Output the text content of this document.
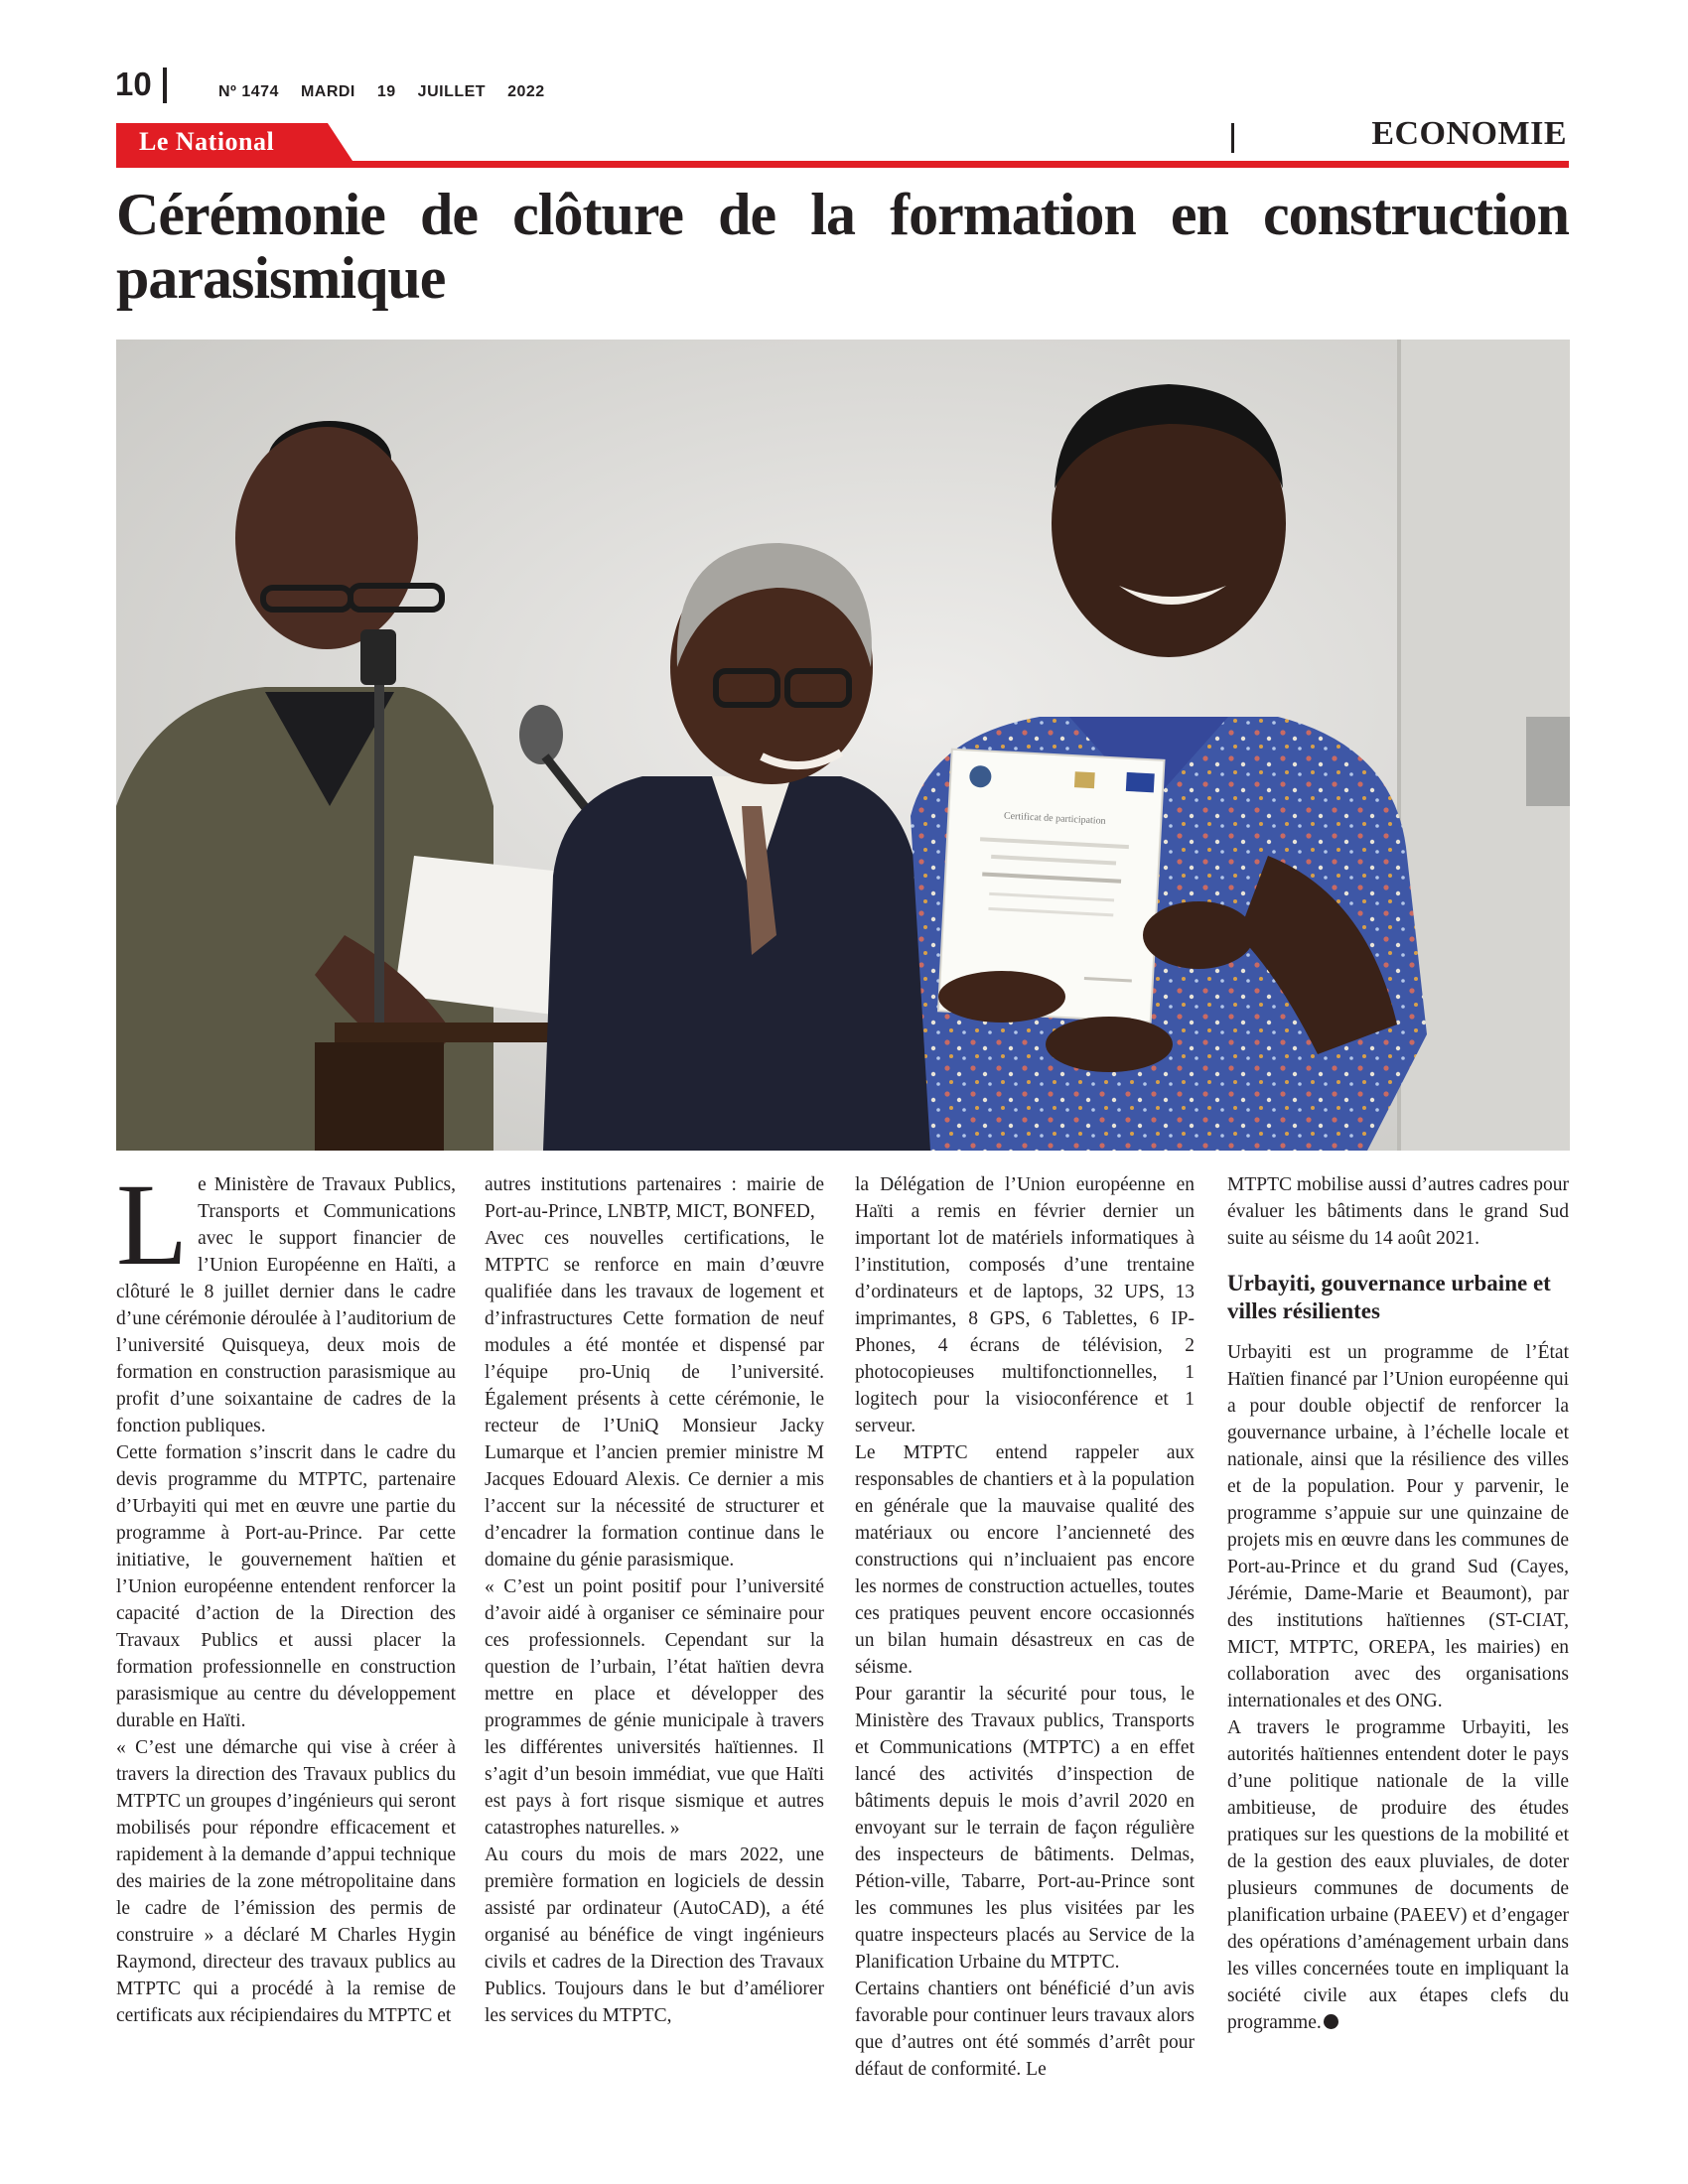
10	Nº 1474 MARDI 19 JUILLET 2022
Le National	ECONOMIE
Cérémonie de clôture de la formation en construction parasismique
Certificat de participation
L e Ministère de Travaux Publics, Transports et Communications avec le support financier de l’Union Européenne en Haïti, a clôturé le 8 juillet dernier dans le cadre d’une cérémonie déroulée à l’auditorium de l’université Quisqueya, deux mois de formation en construction parasismique au profit d’une soixantaine de cadres de la fonction publiques.

Cette formation s’inscrit dans le cadre du devis programme du MTPTC, partenaire d’Urbayiti qui met en œuvre une partie du programme à Port-au-Prince. Par cette initiative, le gouvernement haïtien et l’Union européenne entendent renforcer la capacité d’action de la Direction des Travaux Publics et aussi placer la formation professionnelle en construction parasismique au centre du développement durable en Haïti.

« C’est une démarche qui vise à créer à travers la direction des Travaux publics du MTPTC un groupes d’ingénieurs qui seront mobilisés pour répondre efficacement et rapidement à la demande d’appui technique des mairies de la zone métropolitaine dans le cadre de l’émission des permis de construire » a déclaré M Charles Hygin Raymond, directeur des travaux publics au MTPTC qui a procédé à la remise de certificats aux récipiendaires du MTPTC et

autres institutions partenaires : mairie de Port-au-Prince, LNBTP, MICT, BONFED,

Avec ces nouvelles certifications, le MTPTC se renforce en main d’œuvre qualifiée dans les travaux de logement et d’infrastructures Cette formation de neuf modules a été montée et dispensé par l’équipe pro-Uniq de l’université. Également présents à cette cérémonie, le recteur de l’UniQ Monsieur Jacky Lumarque et l’ancien premier ministre M Jacques Edouard Alexis. Ce dernier a mis l’accent sur la nécessité de structurer et d’encadrer la formation continue dans le domaine du génie parasismique.

« C’est un point positif pour l’université d’avoir aidé à organiser ce séminaire pour ces professionnels. Cependant sur la question de l’urbain, l’état haïtien devra mettre en place et développer des programmes de génie municipale à travers les différentes universités haïtiennes. Il s’agit d’un besoin immédiat, vue que Haïti est pays à fort risque sismique et autres catastrophes naturelles. »

Au cours du mois de mars 2022, une première formation en logiciels de dessin assisté par ordinateur (AutoCAD), a été organisé au bénéfice de vingt ingénieurs civils et cadres de la Direction des Travaux Publics. Toujours dans le but d’améliorer les services du MTPTC,

la Délégation de l’Union européenne en Haïti a remis en février dernier un important lot de matériels informatiques à l’institution, composés d’une trentaine d’ordinateurs et de laptops, 32 UPS, 13 imprimantes, 8 GPS, 6 Tablettes, 6 IP-Phones, 4 écrans de télévision, 2 photocopieuses multifonctionnelles, 1 logitech pour la visioconférence et 1 serveur.

Le MTPTC entend rappeler aux responsables de chantiers et à la population en générale que la mauvaise qualité des matériaux ou encore l’ancienneté des constructions qui n’incluaient pas encore les normes de construction actuelles, toutes ces pratiques peuvent encore occasionnés un bilan humain désastreux en cas de séisme.

Pour garantir la sécurité pour tous, le Ministère des Travaux publics, Transports et Communications (MTPTC) a en effet lancé des activités d’inspection de bâtiments depuis le mois d’avril 2020 en envoyant sur le terrain de façon régulière des inspecteurs de bâtiments. Delmas, Pétion-ville, Tabarre, Port-au-Prince sont les communes les plus visitées par les quatre inspecteurs placés au Service de la Planification Urbaine du MTPTC.

Certains chantiers ont bénéficié d’un avis favorable pour continuer leurs travaux alors que d’autres ont été sommés d’arrêt pour défaut de conformité. Le

MTPTC mobilise aussi d’autres cadres pour évaluer les bâtiments dans le grand Sud suite au séisme du 14 août 2021.

Urbayiti, gouvernance urbaine et villes résilientes

Urbayiti est un programme de l’État Haïtien financé par l’Union européenne qui a pour double objectif de renforcer la gouvernance urbaine, à l’échelle locale et nationale, ainsi que la résilience des villes et de la population. Pour y parvenir, le programme s’appuie sur une quinzaine de projets mis en œuvre dans les communes de Port-au-Prince et du grand Sud (Cayes, Jérémie, Dame-Marie et Beaumont), par des institutions haïtiennes (ST-CIAT, MICT, MTPTC, OREPA, les mairies) en collaboration avec des organisations internationales et des ONG.

A travers le programme Urbayiti, les autorités haïtiennes entendent doter le pays d’une politique nationale de la ville ambitieuse, de produire des études pratiques sur les questions de la mobilité et de la gestion des eaux pluviales, de doter plusieurs communes de documents de planification urbaine (PAEEV) et d’engager des opérations d’aménagement urbain dans les villes concernées toute en impliquant la société civile aux étapes clefs du programme.
